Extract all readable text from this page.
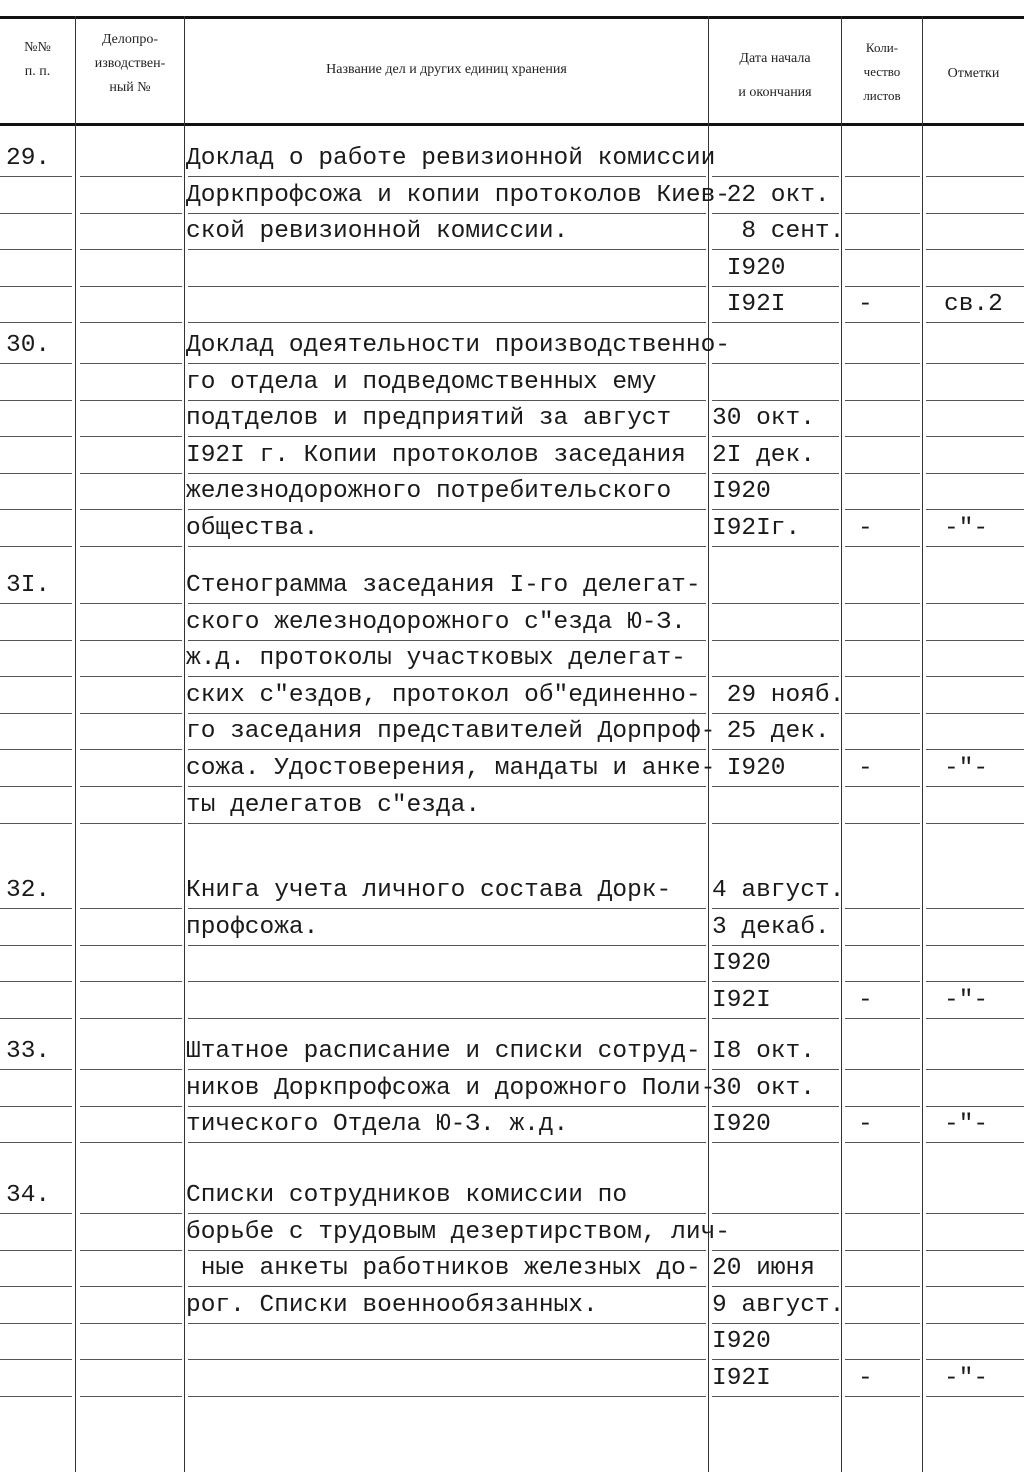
№№
п. п.
Делопро-
изводствен-
ный №
Название дел и других единиц хранения
Дата начала
и окончания
Коли-
чество
листов
Отметки
29.	Доклад о работе ревизионной комиссии
Доркпрофсожа и копии протоколов Киев-
22 окт.
ской ревизионной комиссии.	8 сент.
I920
I92I	-	св.2
30.	Доклад одеятельности производственно-
го отдела и подведомственных ему
подтделов и предприятий за август 30 окт.
I92I г. Копии протоколов заседания 2I дек.
железнодорожного потребительского I920
общества.	I92Iг. -	-"-
3I.	Стенограмма заседания I-го делегат-
ского железнодорожного с"езда Ю-З.
ж.д. протоколы участковых делегат-
ских с"ездов, протокол об"единенно- 29 нояб.
го заседания представителей Дорпроф-
25 дек.
сожа. Удостоверения, мандаты и анке-
I920	-	-"-
ты делегатов с"езда.
32.	Книга учета личного состава Дорк- 4 август.
профсожа.	3 декаб.
I920
I92I	-	-"-
33.	Штатное расписание и списки сотруд- I8 окт.
ников Доркпрофсожа и дорожного Поли-
30 окт.
тического Отдела Ю-З. ж.д.	I920	-	-"-
34.	Списки сотрудников комиссии по
борьбе с трудовым дезертирством, лич-
ные анкеты работников железных до- 20 июня
рог. Списки военнообязанных.	9 август.
I920
I92I	-	-"-
